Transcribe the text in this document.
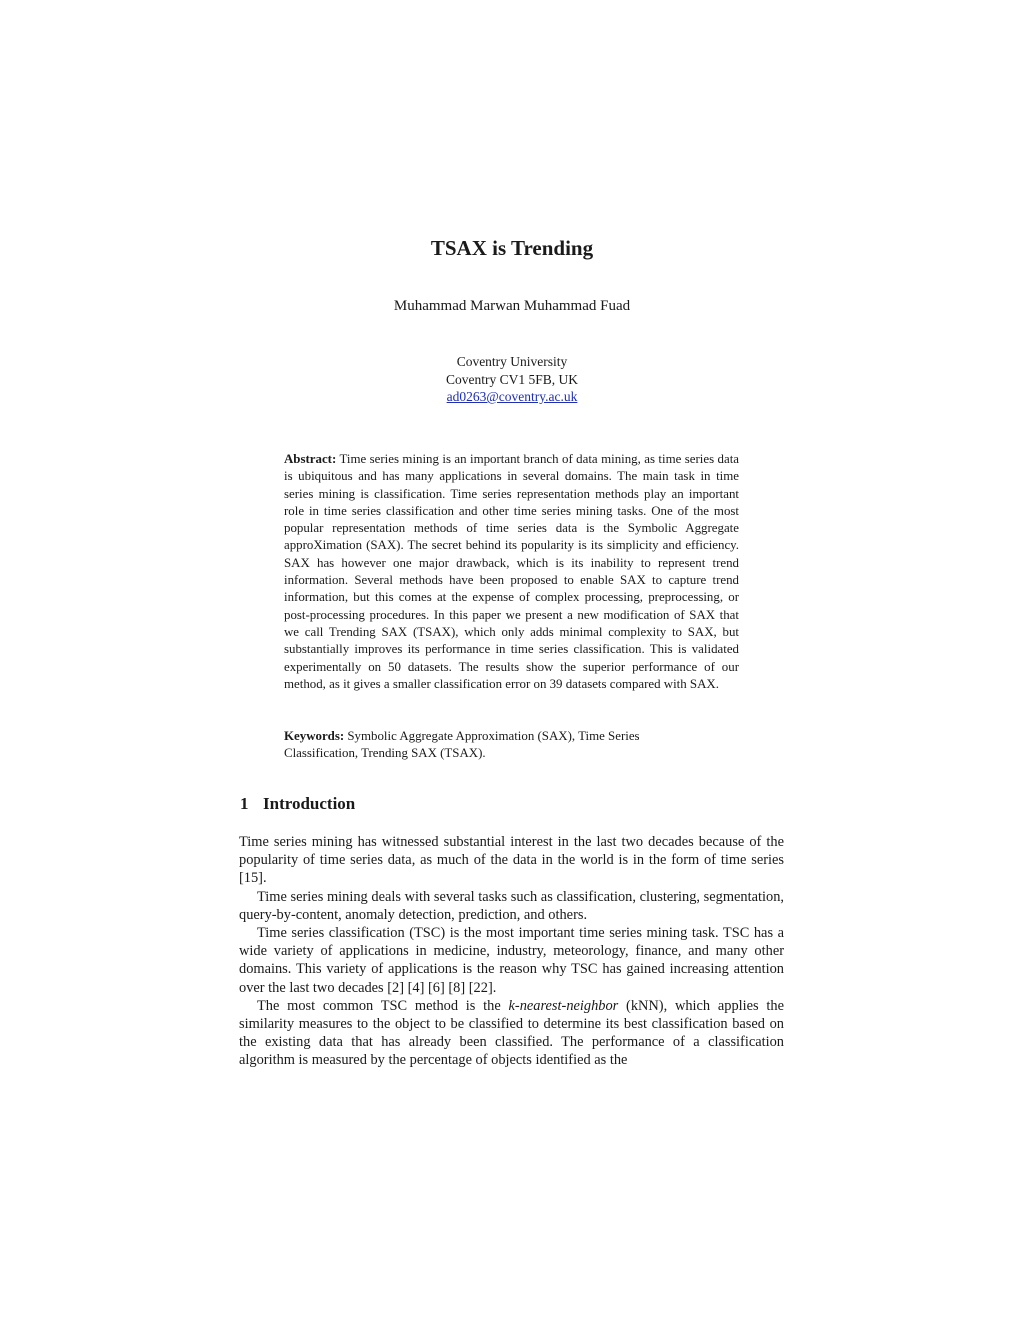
TSAX is Trending
Muhammad Marwan Muhammad Fuad
Coventry University
Coventry CV1 5FB, UK
ad0263@coventry.ac.uk

Abstract: Time series mining is an important branch of data mining, as time series data is ubiquitous and has many applications in several domains. The main task in time series mining is classification. Time series representation methods play an important role in time series classification and other time series mining tasks. One of the most popular representation methods of time series data is the Symbolic Aggregate approXimation (SAX). The secret behind its popularity is its simplicity and efficiency. SAX has however one major drawback, which is its inability to represent trend information. Several methods have been proposed to enable SAX to capture trend information, but this comes at the expense of complex processing, preprocessing, or post-processing procedures. In this paper we present a new modification of SAX that we call Trending SAX (TSAX), which only adds minimal complexity to SAX, but substantially improves its performance in time series classification. This is validated experimentally on 50 datasets. The results show the superior performance of our method, as it gives a smaller classification error on 39 datasets compared with SAX.

Keywords: Symbolic Aggregate Approximation (SAX), Time Series
Classification, Trending SAX (TSAX).
1 Introduction

Time series mining has witnessed substantial interest in the last two decades because of the popularity of time series data, as much of the data in the world is in the form of time series [15].

Time series mining deals with several tasks such as classification, clustering, segmentation, query-by-content, anomaly detection, prediction, and others.

Time series classification (TSC) is the most important time series mining task. TSC has a wide variety of applications in medicine, industry, meteorology, finance, and many other domains. This variety of applications is the reason why TSC has gained increasing attention over the last two decades [2] [4] [6] [8] [22].

The most common TSC method is the k-nearest-neighbor (kNN), which applies the similarity measures to the object to be classified to determine its best classification based on the existing data that has already been classified. The performance of a classification algorithm is measured by the percentage of objects identified as the
